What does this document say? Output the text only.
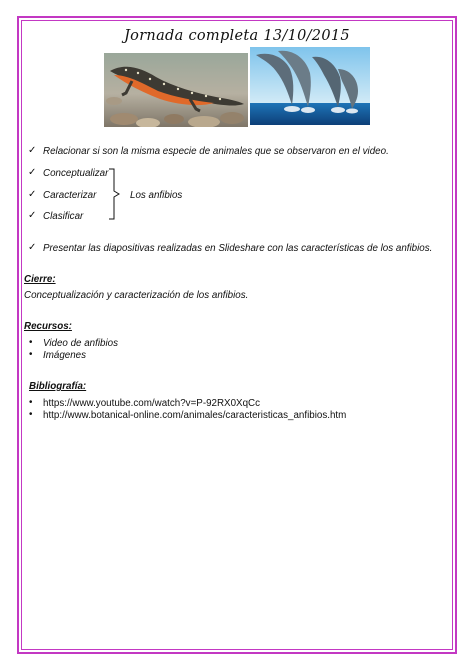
Jornada completa 13/10/2015
✓ Relacionar si son la misma especie de animales que se observaron en el video.
✓ Conceptualizar
✓ Caracterizar
✓ Clasificar
Los anfibios
✓ Presentar las diapositivas realizadas en Slideshare con las características de los anfibios.
Cierre:
Conceptualización y caracterización de los anfibios.
Recursos:
• Video de anfibios
• Imágenes
Bibliografía:
• https://www.youtube.com/watch?v=P-92RX0XqCc
• http://www.botanical-online.com/animales/caracteristicas_anfibios.htm
